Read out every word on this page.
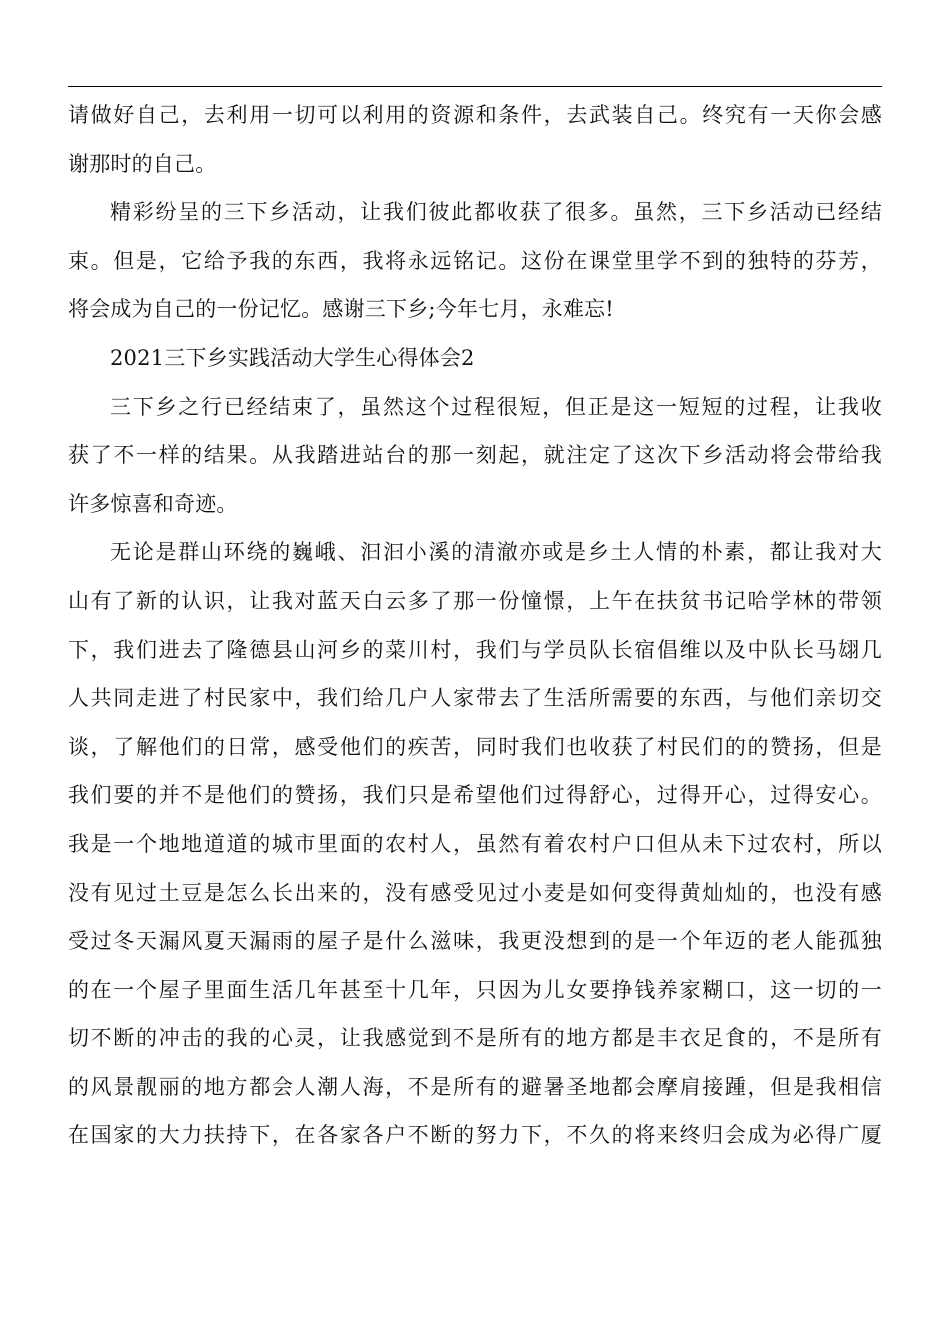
请做好自己，去利用一切可以利用的资源和条件，去武装自己。终究有一天你会感
谢那时的自己。

精彩纷呈的三下乡活动，让我们彼此都收获了很多。虽然，三下乡活动已经结
束。但是，它给予我的东西，我将永远铭记。这份在课堂里学不到的独特的芬芳，
将会成为自己的一份记忆。感谢三下乡;今年七月，永难忘!

2021三下乡实践活动大学生心得体会2

三下乡之行已经结束了，虽然这个过程很短，但正是这一短短的过程，让我收
获了不一样的结果。从我踏进站台的那一刻起，就注定了这次下乡活动将会带给我
许多惊喜和奇迹。

无论是群山环绕的巍峨、汩汩小溪的清澈亦或是乡土人情的朴素，都让我对大
山有了新的认识，让我对蓝天白云多了那一份憧憬，上午在扶贫书记哈学林的带领
下，我们进去了隆德县山河乡的菜川村，我们与学员队长宿倡维以及中队长马翃几
人共同走进了村民家中，我们给几户人家带去了生活所需要的东西，与他们亲切交
谈，了解他们的日常，感受他们的疾苦，同时我们也收获了村民们的的赞扬，但是
我们要的并不是他们的赞扬，我们只是希望他们过得舒心，过得开心，过得安心。
我是一个地地道道的城市里面的农村人，虽然有着农村户口但从未下过农村，所以
没有见过土豆是怎么长出来的，没有感受见过小麦是如何变得黄灿灿的，也没有感
受过冬天漏风夏天漏雨的屋子是什么滋味，我更没想到的是一个年迈的老人能孤独
的在一个屋子里面生活几年甚至十几年，只因为儿女要挣钱养家糊口，这一切的一
切不断的冲击的我的心灵，让我感觉到不是所有的地方都是丰衣足食的，不是所有
的风景靓丽的地方都会人潮人海，不是所有的避暑圣地都会摩肩接踵，但是我相信
在国家的大力扶持下，在各家各户不断的努力下，不久的将来终归会成为必得广厦
